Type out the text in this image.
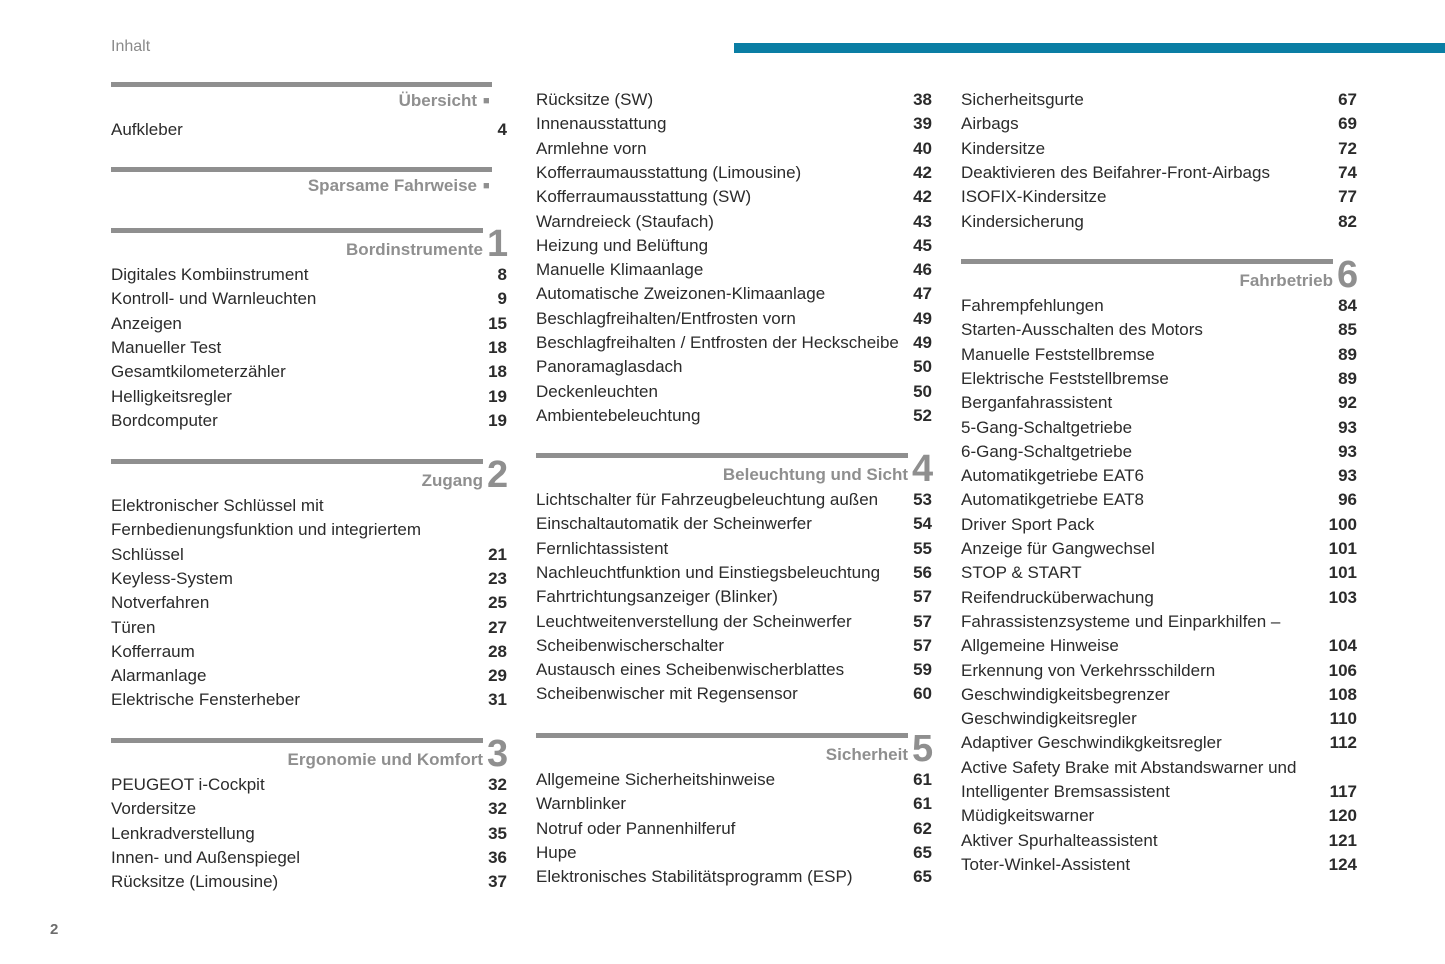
Inhalt
Übersicht ■
Aufkleber	4
Sparsame Fahrweise ■
Bordinstrumente 1
Digitales Kombiinstrument	8
Kontroll- und Warnleuchten	9
Anzeigen	15
Manueller Test	18
Gesamtkilometerzähler	18
Helligkeitsregler	19
Bordcomputer	19
Zugang 2
Elektronischer Schlüssel mit
Fernbedienungsfunktion und integriertem
Schlüssel	21
Keyless-System	23
Notverfahren	25
Türen	27
Kofferraum	28
Alarmanlage	29
Elektrische Fensterheber	31
Ergonomie und Komfort 3
PEUGEOT i-Cockpit	32
Vordersitze	32
Lenkradverstellung	35
Innen- und Außenspiegel	36
Rücksitze (Limousine)	37
Rücksitze (SW)	38
Innenausstattung	39
Armlehne vorn	40
Kofferraumausstattung (Limousine)	42
Kofferraumausstattung (SW)	42
Warndreieck (Staufach)	43
Heizung und Belüftung	45
Manuelle Klimaanlage	46
Automatische Zweizonen-Klimaanlage	47
Beschlagfreihalten/Entfrosten vorn	49
Beschlagfreihalten / Entfrosten der Heckscheibe 49
Panoramaglasdach	50
Deckenleuchten	50
Ambientebeleuchtung	52
Beleuchtung und Sicht 4
Lichtschalter für Fahrzeugbeleuchtung außen 53
Einschaltautomatik der Scheinwerfer	54
Fernlichtassistent	55
Nachleuchtfunktion und Einstiegsbeleuchtung 56
Fahrtrichtungsanzeiger (Blinker)	57
Leuchtweitenverstellung der Scheinwerfer	57
Scheibenwischerschalter	57
Austausch eines Scheibenwischerblattes	59
Scheibenwischer mit Regensensor	60
Sicherheit 5
Allgemeine Sicherheitshinweise	61
Warnblinker	61
Notruf oder Pannenhilferuf	62
Hupe	65
Elektronisches Stabilitätsprogramm (ESP)	65
Sicherheitsgurte	67
Airbags	69
Kindersitze	72
Deaktivieren des Beifahrer-Front-Airbags	74
ISOFIX-Kindersitze	77
Kindersicherung	82
Fahrbetrieb 6
Fahrempfehlungen	84
Starten-Ausschalten des Motors	85
Manuelle Feststellbremse	89
Elektrische Feststellbremse	89
Berganfahrassistent	92
5-Gang-Schaltgetriebe	93
6-Gang-Schaltgetriebe	93
Automatikgetriebe EAT6	93
Automatikgetriebe EAT8	96
Driver Sport Pack	100
Anzeige für Gangwechsel	101
STOP & START	101
Reifendrucküberwachung	103
Fahrassistenzsysteme und Einparkhilfen –
Allgemeine Hinweise	104
Erkennung von Verkehrsschildern	106
Geschwindigkeitsbegrenzer	108
Geschwindigkeitsregler	110
Adaptiver Geschwindikgkeitsregler	112
Active Safety Brake mit Abstandswarner und
Intelligenter Bremsassistent	117
Müdigkeitswarner	120
Aktiver Spurhalteassistent	121
Toter-Winkel-Assistent	124
2
